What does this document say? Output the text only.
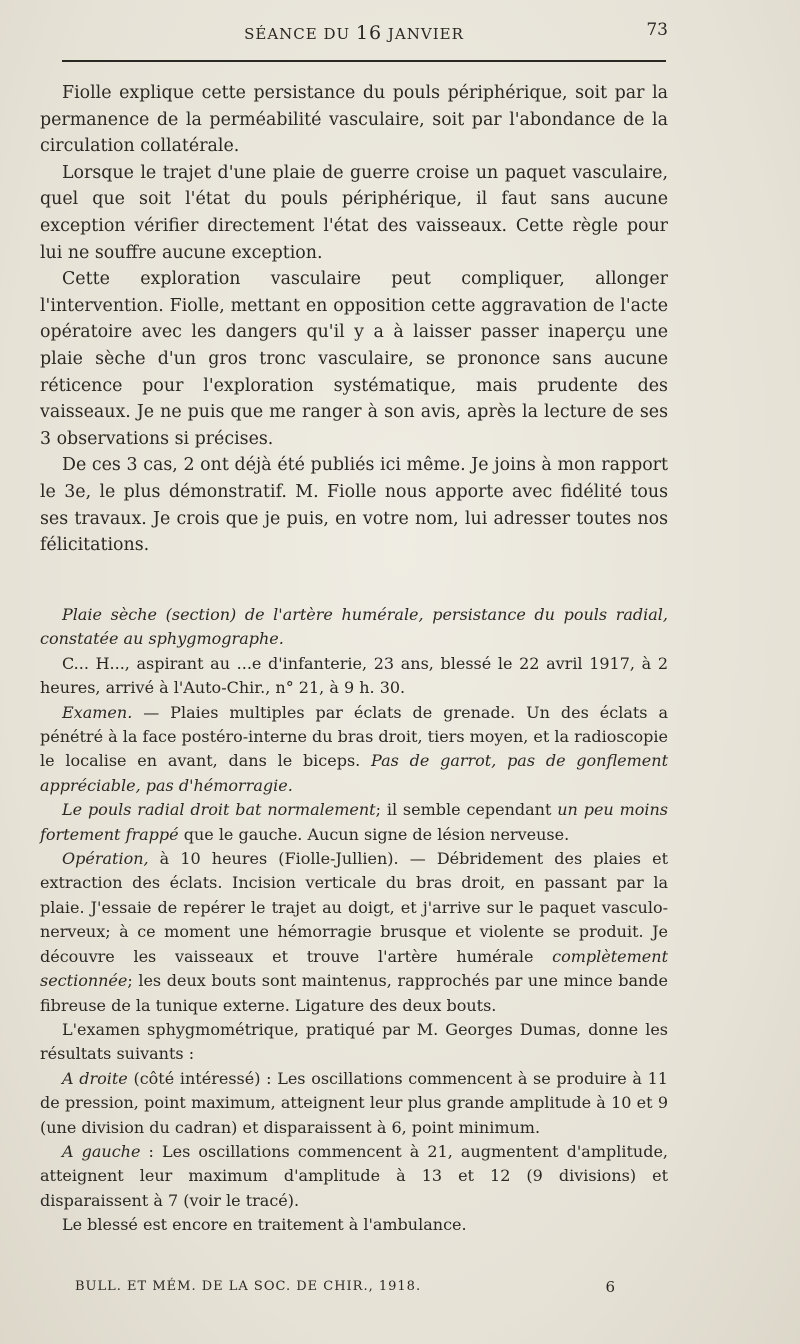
SÉANCE DU 16 JANVIER	73

Fiolle explique cette persistance du pouls périphérique, soit par la permanence de la perméabilité vasculaire, soit par l'abondance de la circulation collatérale.

Lorsque le trajet d'une plaie de guerre croise un paquet vasculaire, quel que soit l'état du pouls périphérique, il faut sans aucune exception vérifier directement l'état des vaisseaux. Cette règle pour lui ne souffre aucune exception.

Cette exploration vasculaire peut compliquer, allonger l'intervention. Fiolle, mettant en opposition cette aggravation de l'acte opératoire avec les dangers qu'il y a à laisser passer inaperçu une plaie sèche d'un gros tronc vasculaire, se prononce sans aucune réticence pour l'exploration systématique, mais prudente des vaisseaux. Je ne puis que me ranger à son avis, après la lecture de ses 3 observations si précises.

De ces 3 cas, 2 ont déjà été publiés ici même. Je joins à mon rapport le 3e, le plus démonstratif. M. Fiolle nous apporte avec fidélité tous ses travaux. Je crois que je puis, en votre nom, lui adresser toutes nos félicitations.

Plaie sèche (section) de l'artère humérale, persistance du pouls radial, constatée au sphygmographe.

C... H..., aspirant au ...e d'infanterie, 23 ans, blessé le 22 avril 1917, à 2 heures, arrivé à l'Auto-Chir., n° 21, à 9 h. 30.

Examen. — Plaies multiples par éclats de grenade. Un des éclats a pénétré à la face postéro-interne du bras droit, tiers moyen, et la radioscopie le localise en avant, dans le biceps. Pas de garrot, pas de gonflement appréciable, pas d'hémorragie.

Le pouls radial droit bat normalement; il semble cependant un peu moins fortement frappé que le gauche. Aucun signe de lésion nerveuse.

Opération, à 10 heures (Fiolle-Jullien). — Débridement des plaies et extraction des éclats. Incision verticale du bras droit, en passant par la plaie. J'essaie de repérer le trajet au doigt, et j'arrive sur le paquet vasculo-nerveux; à ce moment une hémorragie brusque et violente se produit. Je découvre les vaisseaux et trouve l'artère humérale complètement sectionnée; les deux bouts sont maintenus, rapprochés par une mince bande fibreuse de la tunique externe. Ligature des deux bouts.

L'examen sphygmométrique, pratiqué par M. Georges Dumas, donne les résultats suivants :

A droite (côté intéressé) : Les oscillations commencent à se produire à 11 de pression, point maximum, atteignent leur plus grande amplitude à 10 et 9 (une division du cadran) et disparaissent à 6, point minimum.

A gauche : Les oscillations commencent à 21, augmentent d'amplitude, atteignent leur maximum d'amplitude à 13 et 12 (9 divisions) et disparaissent à 7 (voir le tracé).

Le blessé est encore en traitement à l'ambulance.

BULL. ET MÉM. DE LA SOC. DE CHIR., 1918.	6
